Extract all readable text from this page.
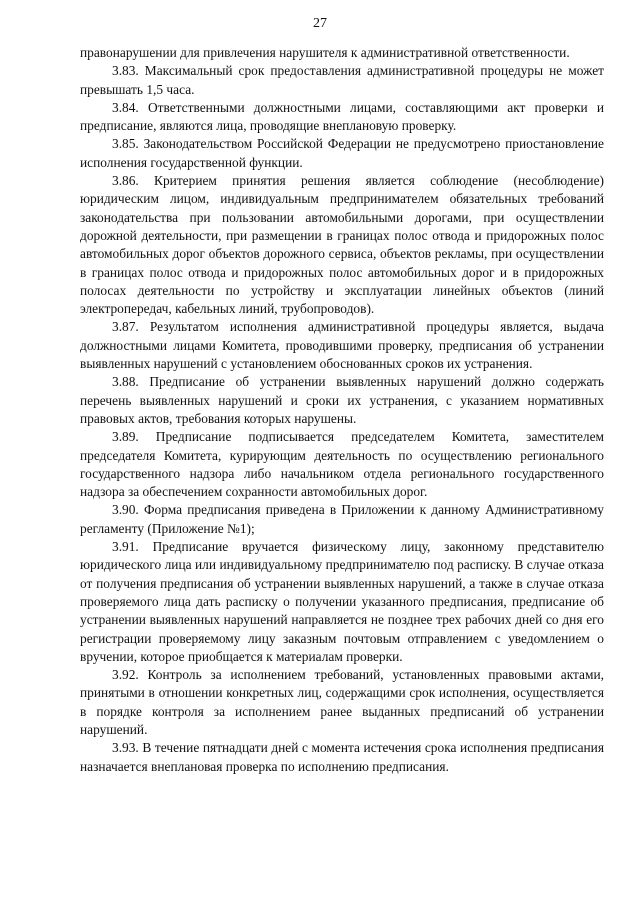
27

правонарушении для привлечения нарушителя к административной ответственности.

3.83. Максимальный срок предоставления административной процедуры не может превышать 1,5 часа.

3.84. Ответственными должностными лицами, составляющими акт проверки и предписание, являются лица, проводящие внеплановую проверку.

3.85. Законодательством Российской Федерации не предусмотрено приостановление исполнения государственной функции.

3.86. Критерием принятия решения является соблюдение (несоблюдение) юридическим лицом, индивидуальным предпринимателем обязательных требований законодательства при пользовании автомобильными дорогами, при осуществлении дорожной деятельности, при размещении в границах полос отвода и придорожных полос автомобильных дорог объектов дорожного сервиса, объектов рекламы, при осуществлении в границах полос отвода и придорожных полос автомобильных дорог и в придорожных полосах деятельности по устройству и эксплуатации линейных объектов (линий электропередач, кабельных линий, трубопроводов).

3.87. Результатом исполнения административной процедуры является, выдача должностными лицами Комитета, проводившими проверку, предписания об устранении выявленных нарушений с установлением обоснованных сроков их устранения.

3.88. Предписание об устранении выявленных нарушений должно содержать перечень выявленных нарушений и сроки их устранения, с указанием нормативных правовых актов, требования которых нарушены.

3.89. Предписание подписывается председателем Комитета, заместителем председателя Комитета, курирующим деятельность по осуществлению регионального государственного надзора либо начальником отдела регионального государственного надзора за обеспечением сохранности автомобильных дорог.

3.90. Форма предписания приведена в Приложении к данному Административному регламенту (Приложение №1);

3.91. Предписание вручается физическому лицу, законному представителю юридического лица или индивидуальному предпринимателю под расписку. В случае отказа от получения предписания об устранении выявленных нарушений, а также в случае отказа проверяемого лица дать расписку о получении указанного предписания, предписание об устранении выявленных нарушений направляется не позднее трех рабочих дней со дня его регистрации проверяемому лицу заказным почтовым отправлением с уведомлением о вручении, которое приобщается к материалам проверки.

3.92. Контроль за исполнением требований, установленных правовыми актами, принятыми в отношении конкретных лиц, содержащими срок исполнения, осуществляется в порядке контроля за исполнением ранее выданных предписаний об устранении нарушений.

3.93. В течение пятнадцати дней с момента истечения срока исполнения предписания назначается внеплановая проверка по исполнению предписания.
